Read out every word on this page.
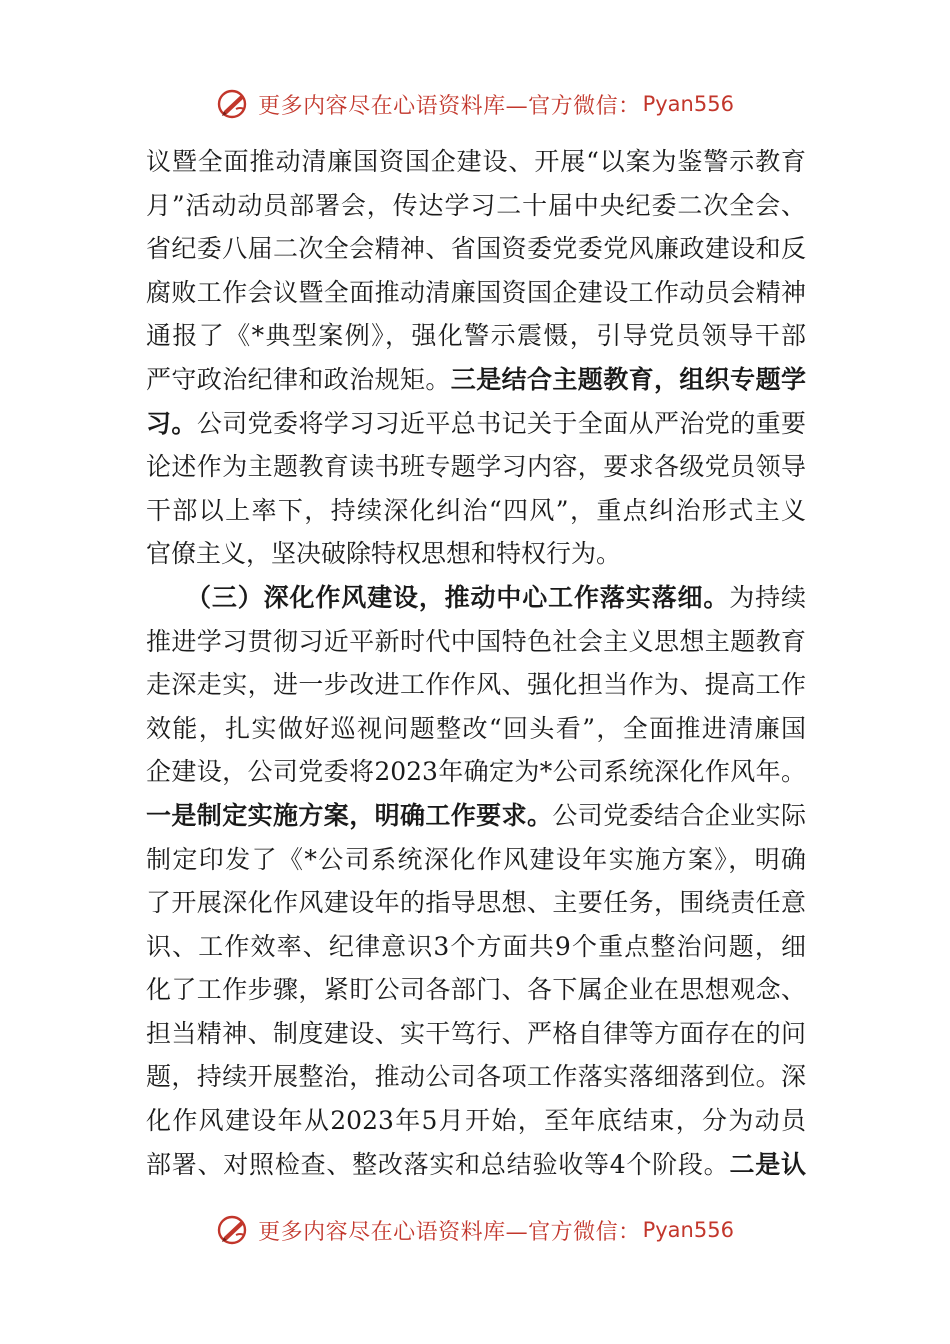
更多内容尽在心语资料库—官方微信： Pyan556
议暨全面推动清廉国资国企建设、开展“以案为鉴警示教育
月”活动动员部署会，传达学习二十届中央纪委二次全会、
省纪委八届二次全会精神、省国资委党委党风廉政建设和反
腐败工作会议暨全面推动清廉国资国企建设工作动员会精神
通报了《*典型案例》，强化警示震慑，引导党员领导干部
严守政治纪律和政治规矩。三是结合主题教育，组织专题学
习。公司党委将学习习近平总书记关于全面从严治党的重要
论述作为主题教育读书班专题学习内容，要求各级党员领导
干部以上率下，持续深化纠治“四风”，重点纠治形式主义
官僚主义，坚决破除特权思想和特权行为。
（三）深化作风建设，推动中心工作落实落细。为持续
推进学习贯彻习近平新时代中国特色社会主义思想主题教育
走深走实，进一步改进工作作风、强化担当作为、提高工作
效能，扎实做好巡视问题整改“回头看”，全面推进清廉国
企建设，公司党委将2023年确定为*公司系统深化作风年。
一是制定实施方案，明确工作要求。公司党委结合企业实际
制定印发了《*公司系统深化作风建设年实施方案》，明确
了开展深化作风建设年的指导思想、主要任务，围绕责任意
识、工作效率、纪律意识3个方面共9个重点整治问题，细
化了工作步骤，紧盯公司各部门、各下属企业在思想观念、
担当精神、制度建设、实干笃行、严格自律等方面存在的问
题，持续开展整治，推动公司各项工作落实落细落到位。深
化作风建设年从2023年5月开始，至年底结束，分为动员
部署、对照检查、整改落实和总结验收等4个阶段。二是认
更多内容尽在心语资料库—官方微信： Pyan556
